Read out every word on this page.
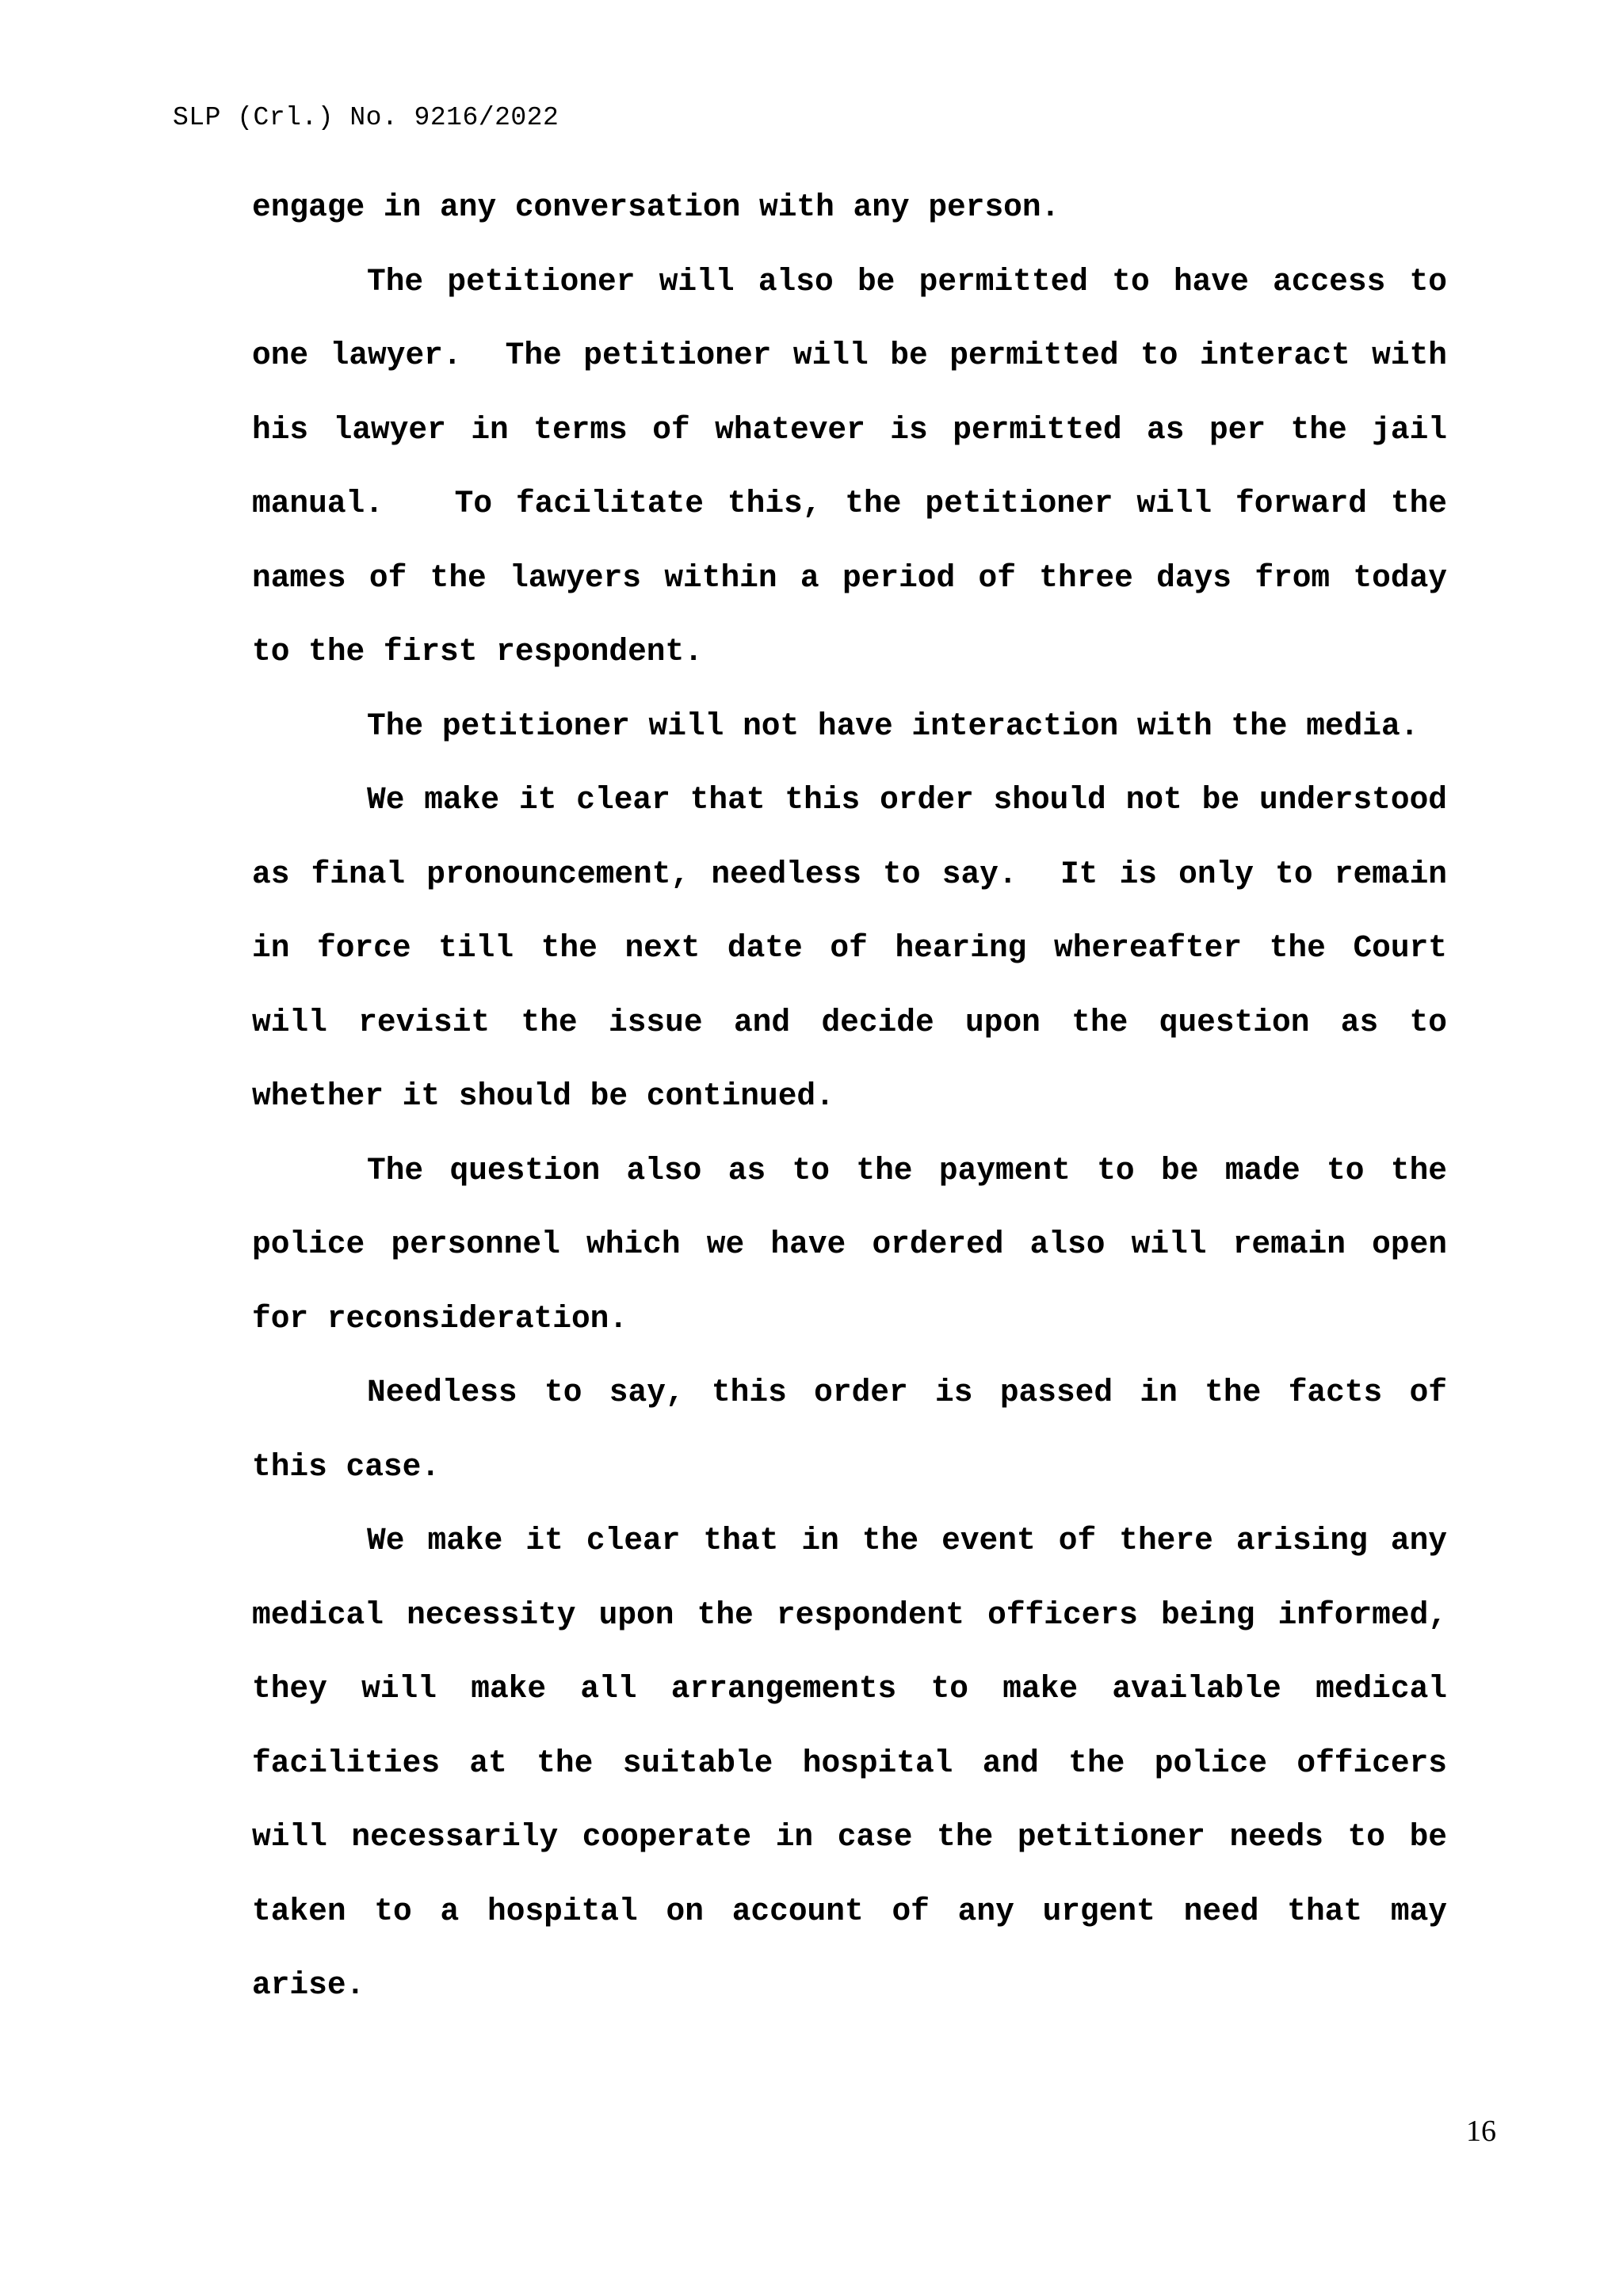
SLP (Crl.) No. 9216/2022

engage in any conversation with any person.

The petitioner will also be permitted to have access to one lawyer.  The petitioner will be permitted to interact with his lawyer in terms of whatever is permitted as per the jail manual.   To facilitate this, the petitioner will forward the names of the lawyers within a period of three days from today to the first respondent.

The petitioner will not have interaction with the media.

We make it clear that this order should not be understood as final pronouncement, needless to say.  It is only to remain in force till the next date of hearing whereafter the Court will revisit the issue and decide upon the question as to whether it should be continued.

The question also as to the payment to be made to the police personnel which we have ordered also will remain open for reconsideration.

Needless to say, this order is passed in the facts of this case.

We make it clear that in the event of there arising any medical necessity upon the respondent officers being informed, they will make all arrangements to make available medical facilities at the suitable hospital and the police officers will necessarily cooperate in case the petitioner needs to be taken to a hospital on account of any urgent need that may arise.

16
